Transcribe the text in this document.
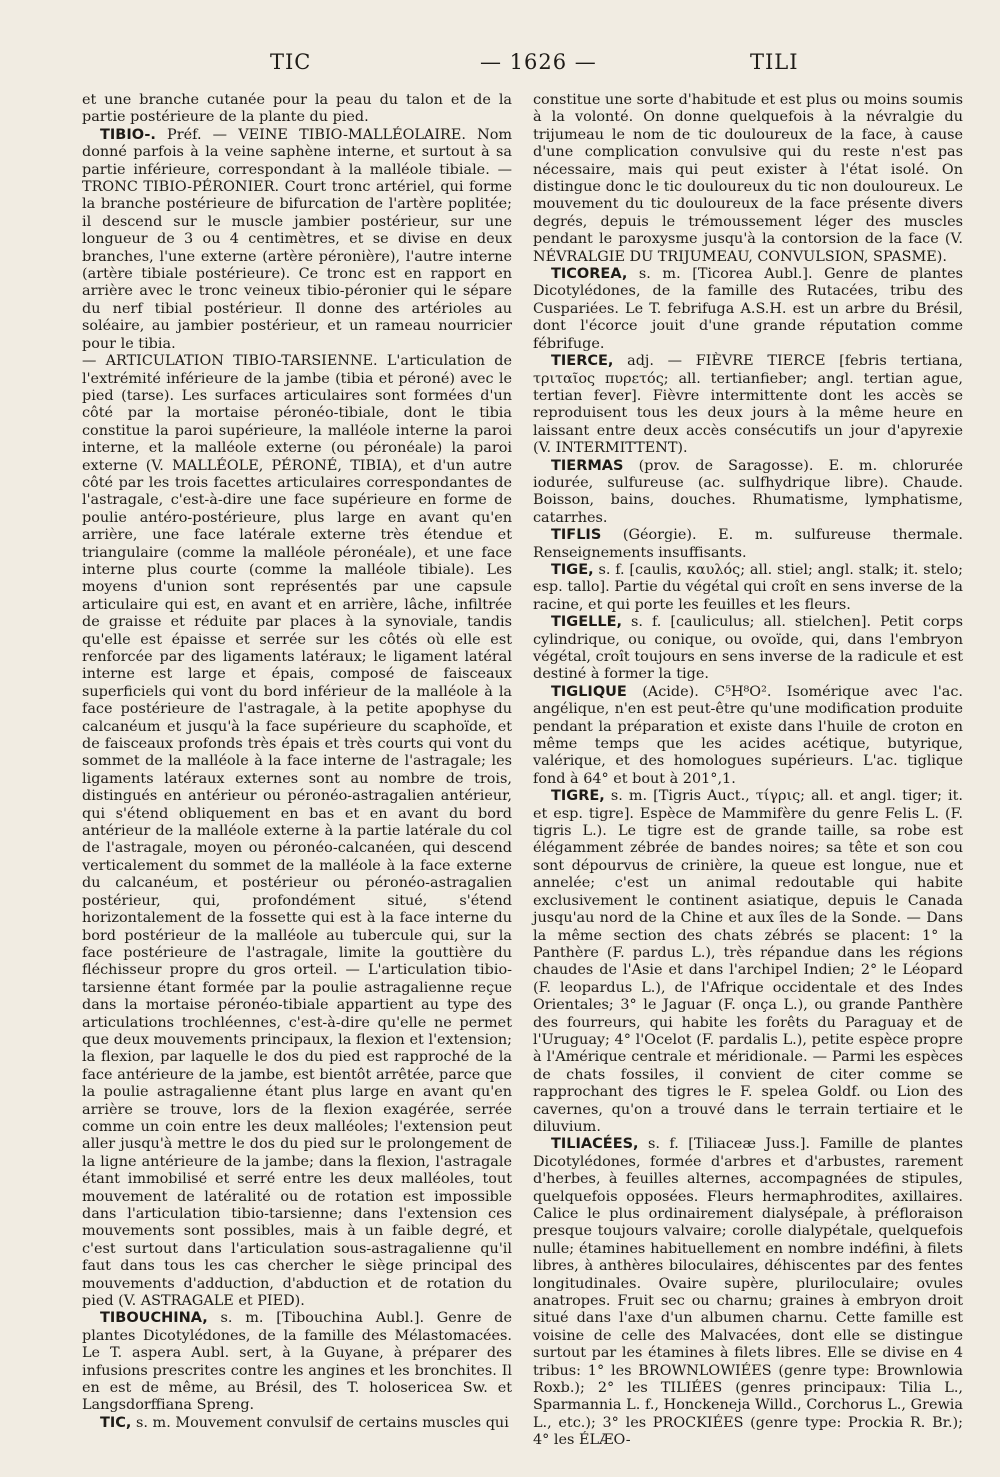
TIC	— 1626 —	TILI

et une branche cutanée pour la peau du talon et de la partie postérieure de la plante du pied.

TIBIO-. Préf. — VEINE TIBIO-MALLÉOLAIRE. Nom donné parfois à la veine saphène interne, et surtout à sa partie inférieure, correspondant à la malléole tibiale. — TRONC TIBIO-PÉRONIER. Court tronc artériel, qui forme la branche postérieure de bifurcation de l'artère poplitée; il descend sur le muscle jambier postérieur, sur une longueur de 3 ou 4 centimètres, et se divise en deux branches, l'une externe (artère péronière), l'autre interne (artère tibiale postérieure). Ce tronc est en rapport en arrière avec le tronc veineux tibio-péronier qui le sépare du nerf tibial postérieur. Il donne des artérioles au soléaire, au jambier postérieur, et un rameau nourricier pour le tibia.

— ARTICULATION TIBIO-TARSIENNE. L'articulation de l'extrémité inférieure de la jambe (tibia et péroné) avec le pied (tarse). Les surfaces articulaires sont formées d'un côté par la mortaise péronéo-tibiale, dont le tibia constitue la paroi supérieure, la malléole interne la paroi interne, et la malléole externe (ou péronéale) la paroi externe (V. MALLÉOLE, PÉRONÉ, TIBIA), et d'un autre côté par les trois facettes articulaires correspondantes de l'astragale, c'est-à-dire une face supérieure en forme de poulie antéro-postérieure, plus large en avant qu'en arrière, une face latérale externe très étendue et triangulaire (comme la malléole péronéale), et une face interne plus courte (comme la malléole tibiale). Les moyens d'union sont représentés par une capsule articulaire qui est, en avant et en arrière, lâche, infiltrée de graisse et réduite par places à la synoviale, tandis qu'elle est épaisse et serrée sur les côtés où elle est renforcée par des ligaments latéraux; le ligament latéral interne est large et épais, composé de faisceaux superficiels qui vont du bord inférieur de la malléole à la face postérieure de l'astragale, à la petite apophyse du calcanéum et jusqu'à la face supérieure du scaphoïde, et de faisceaux profonds très épais et très courts qui vont du sommet de la malléole à la face interne de l'astragale; les ligaments latéraux externes sont au nombre de trois, distingués en antérieur ou péronéo-astragalien antérieur, qui s'étend obliquement en bas et en avant du bord antérieur de la malléole externe à la partie latérale du col de l'astragale, moyen ou péronéo-calcanéen, qui descend verticalement du sommet de la malléole à la face externe du calcanéum, et postérieur ou péronéo-astragalien postérieur, qui, profondément situé, s'étend horizontalement de la fossette qui est à la face interne du bord postérieur de la malléole au tubercule qui, sur la face postérieure de l'astragale, limite la gouttière du fléchisseur propre du gros orteil. — L'articulation tibio-tarsienne étant formée par la poulie astragalienne reçue dans la mortaise péronéo-tibiale appartient au type des articulations trochléennes, c'est-à-dire qu'elle ne permet que deux mouvements principaux, la flexion et l'extension; la flexion, par laquelle le dos du pied est rapproché de la face antérieure de la jambe, est bientôt arrêtée, parce que la poulie astragalienne étant plus large en avant qu'en arrière se trouve, lors de la flexion exagérée, serrée comme un coin entre les deux malléoles; l'extension peut aller jusqu'à mettre le dos du pied sur le prolongement de la ligne antérieure de la jambe; dans la flexion, l'astragale étant immobilisé et serré entre les deux malléoles, tout mouvement de latéralité ou de rotation est impossible dans l'articulation tibio-tarsienne; dans l'extension ces mouvements sont possibles, mais à un faible degré, et c'est surtout dans l'articulation sous-astragalienne qu'il faut dans tous les cas chercher le siège principal des mouvements d'adduction, d'abduction et de rotation du pied (V. ASTRAGALE et PIED).

TIBOUCHINA, s. m. [Tibouchina Aubl.]. Genre de plantes Dicotylédones, de la famille des Mélastomacées. Le T. aspera Aubl. sert, à la Guyane, à préparer des infusions prescrites contre les angines et les bronchites. Il en est de même, au Brésil, des T. holosericea Sw. et Langsdorffiana Spreng.

TIC, s. m. Mouvement convulsif de certains muscles qui

constitue une sorte d'habitude et est plus ou moins soumis à la volonté. On donne quelquefois à la névralgie du trijumeau le nom de tic douloureux de la face, à cause d'une complication convulsive qui du reste n'est pas nécessaire, mais qui peut exister à l'état isolé. On distingue donc le tic douloureux du tic non douloureux. Le mouvement du tic douloureux de la face présente divers degrés, depuis le trémoussement léger des muscles pendant le paroxysme jusqu'à la contorsion de la face (V. NÉVRALGIE DU TRIJUMEAU, CONVULSION, SPASME).

TICOREA, s. m. [Ticorea Aubl.]. Genre de plantes Dicotylédones, de la famille des Rutacées, tribu des Cuspariées. Le T. febrifuga A.S.H. est un arbre du Brésil, dont l'écorce jouit d'une grande réputation comme fébrifuge.

TIERCE, adj. — FIÈVRE TIERCE [febris tertiana, τριταῖος πυρετός; all. tertianfieber; angl. tertian ague, tertian fever]. Fièvre intermittente dont les accès se reproduisent tous les deux jours à la même heure en laissant entre deux accès consécutifs un jour d'apyrexie (V. INTERMITTENT).

TIERMAS (prov. de Saragosse). E. m. chlorurée iodurée, sulfureuse (ac. sulfhydrique libre). Chaude. Boisson, bains, douches. Rhumatisme, lymphatisme, catarrhes.

TIFLIS (Géorgie). E. m. sulfureuse thermale. Renseignements insuffisants.

TIGE, s. f. [caulis, καυλός; all. stiel; angl. stalk; it. stelo; esp. tallo]. Partie du végétal qui croît en sens inverse de la racine, et qui porte les feuilles et les fleurs.

TIGELLE, s. f. [cauliculus; all. stielchen]. Petit corps cylindrique, ou conique, ou ovoïde, qui, dans l'embryon végétal, croît toujours en sens inverse de la radicule et est destiné à former la tige.

TIGLIQUE (Acide). C⁵H⁸O². Isomérique avec l'ac. angélique, n'en est peut-être qu'une modification produite pendant la préparation et existe dans l'huile de croton en même temps que les acides acétique, butyrique, valérique, et des homologues supérieurs. L'ac. tiglique fond à 64° et bout à 201°,1.

TIGRE, s. m. [Tigris Auct., τίγρις; all. et angl. tiger; it. et esp. tigre]. Espèce de Mammifère du genre Felis L. (F. tigris L.). Le tigre est de grande taille, sa robe est élégamment zébrée de bandes noires; sa tête et son cou sont dépourvus de crinière, la queue est longue, nue et annelée; c'est un animal redoutable qui habite exclusivement le continent asiatique, depuis le Canada jusqu'au nord de la Chine et aux îles de la Sonde. — Dans la même section des chats zébrés se placent: 1° la Panthère (F. pardus L.), très répandue dans les régions chaudes de l'Asie et dans l'archipel Indien; 2° le Léopard (F. leopardus L.), de l'Afrique occidentale et des Indes Orientales; 3° le Jaguar (F. onça L.), ou grande Panthère des fourreurs, qui habite les forêts du Paraguay et de l'Uruguay; 4° l'Ocelot (F. pardalis L.), petite espèce propre à l'Amérique centrale et méridionale. — Parmi les espèces de chats fossiles, il convient de citer comme se rapprochant des tigres le F. spelea Goldf. ou Lion des cavernes, qu'on a trouvé dans le terrain tertiaire et le diluvium.

TILIACÉES, s. f. [Tiliaceæ Juss.]. Famille de plantes Dicotylédones, formée d'arbres et d'arbustes, rarement d'herbes, à feuilles alternes, accompagnées de stipules, quelquefois opposées. Fleurs hermaphrodites, axillaires. Calice le plus ordinairement dialysépale, à préfloraison presque toujours valvaire; corolle dialypétale, quelquefois nulle; étamines habituellement en nombre indéfini, à filets libres, à anthères biloculaires, déhiscentes par des fentes longitudinales. Ovaire supère, pluriloculaire; ovules anatropes. Fruit sec ou charnu; graines à embryon droit situé dans l'axe d'un albumen charnu. Cette famille est voisine de celle des Malvacées, dont elle se distingue surtout par les étamines à filets libres. Elle se divise en 4 tribus: 1° les BROWNLOWIÉES (genre type: Brownlowia Roxb.); 2° les TILIÉES (genres principaux: Tilia L., Sparmannia L. f., Honckeneja Willd., Corchorus L., Grewia L., etc.); 3° les PROCKIÉES (genre type: Prockia R. Br.); 4° les ÉLÆO-
